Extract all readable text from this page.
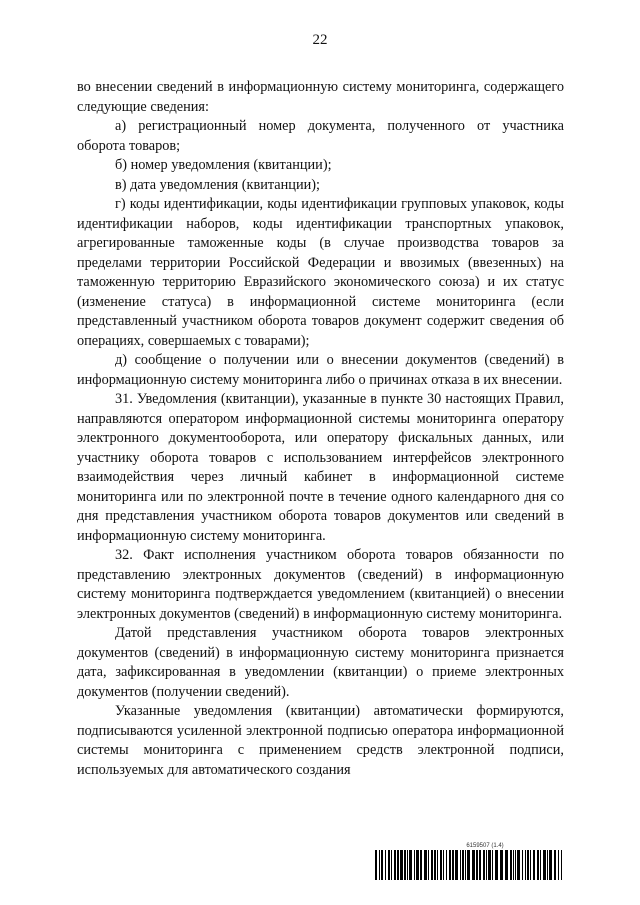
22

во внесении сведений в информационную систему мониторинга, содержащего следующие сведения:

а) регистрационный номер документа, полученного от участника оборота товаров;

б) номер уведомления (квитанции);

в) дата уведомления (квитанции);

г) коды идентификации, коды идентификации групповых упаковок, коды идентификации наборов, коды идентификации транспортных упаковок, агрегированные таможенные коды (в случае производства товаров за пределами территории Российской Федерации и ввозимых (ввезенных) на таможенную территорию Евразийского экономического союза) и их статус (изменение статуса) в информационной системе мониторинга (если представленный участником оборота товаров документ содержит сведения об операциях, совершаемых с товарами);

д) сообщение о получении или о внесении документов (сведений) в информационную систему мониторинга либо о причинах отказа в их внесении.

31. Уведомления (квитанции), указанные в пункте 30 настоящих Правил, направляются оператором информационной системы мониторинга оператору электронного документооборота, или оператору фискальных данных, или участнику оборота товаров с использованием интерфейсов электронного взаимодействия через личный кабинет в информационной системе мониторинга или по электронной почте в течение одного календарного дня со дня представления участником оборота товаров документов или сведений в информационную систему мониторинга.

32. Факт исполнения участником оборота товаров обязанности по представлению электронных документов (сведений) в информационную систему мониторинга подтверждается уведомлением (квитанцией) о внесении электронных документов (сведений) в информационную систему мониторинга.

Датой представления участником оборота товаров электронных документов (сведений) в информационную систему мониторинга признается дата, зафиксированная в уведомлении (квитанции) о приеме электронных документов (получении сведений).

Указанные уведомления (квитанции) автоматически формируются, подписываются усиленной электронной подписью оператора информационной системы мониторинга с применением средств электронной подписи, используемых для автоматического создания

6159507 (1.4)
